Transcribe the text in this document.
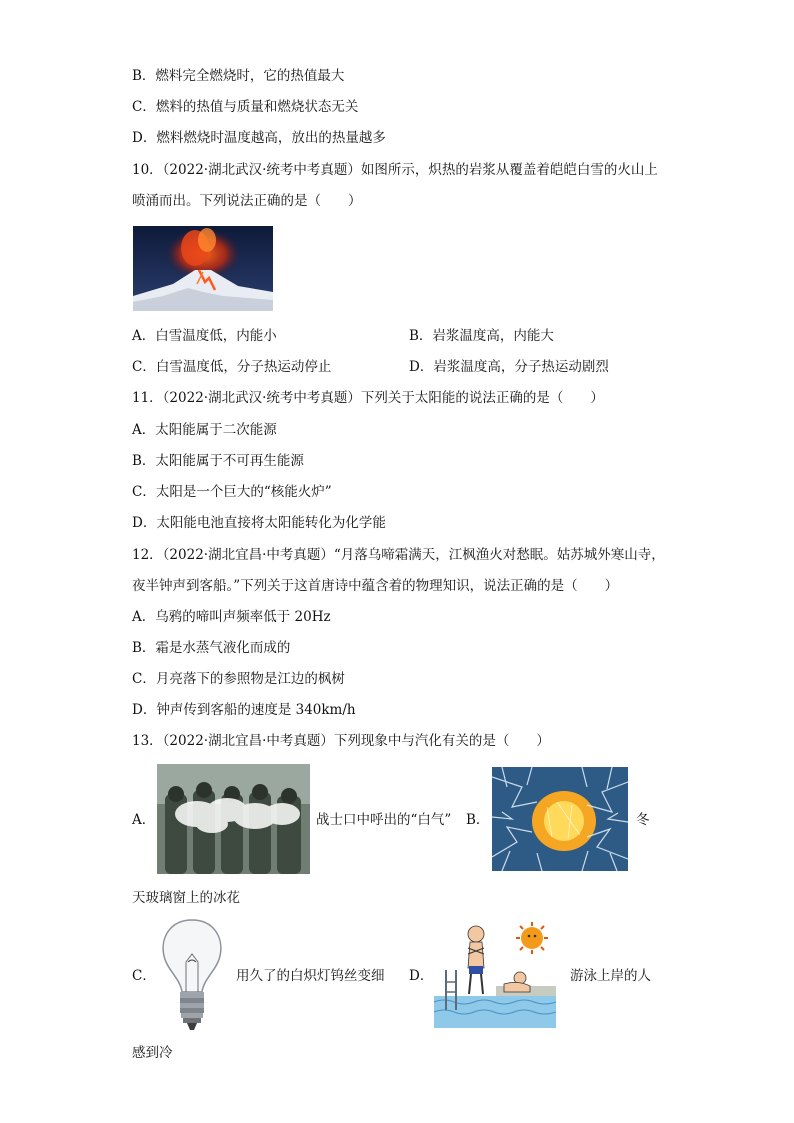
B．燃料完全燃烧时，它的热值最大
C．燃料的热值与质量和燃烧状态无关
D．燃料燃烧时温度越高，放出的热量越多
10．（2022·湖北武汉·统考中考真题）如图所示，炽热的岩浆从覆盖着皑皑白雪的火山上
喷涌而出。下列说法正确的是（　　）
A．白雪温度低，内能小	B．岩浆温度高，内能大
C．白雪温度低，分子热运动停止	D．岩浆温度高，分子热运动剧烈
11．（2022·湖北武汉·统考中考真题）下列关于太阳能的说法正确的是（　　）
A．太阳能属于二次能源
B．太阳能属于不可再生能源
C．太阳是一个巨大的“核能火炉”
D．太阳能电池直接将太阳能转化为化学能
12．（2022·湖北宜昌·中考真题）“月落乌啼霜满天，江枫渔火对愁眠。姑苏城外寒山寺，
夜半钟声到客船。”下列关于这首唐诗中蕴含着的物理知识，说法正确的是（　　）
A．乌鸦的啼叫声频率低于 20Hz
B．霜是水蒸气液化而成的
C．月亮落下的参照物是江边的枫树
D．钟声传到客船的速度是 340km/h
13．（2022·湖北宜昌·中考真题）下列现象中与汽化有关的是（　　）
A．	战士口中呼出的“白气” B．	冬
天玻璃窗上的冰花
C．	用久了的白炽灯钨丝变细 D．	游泳上岸的人
感到冷
